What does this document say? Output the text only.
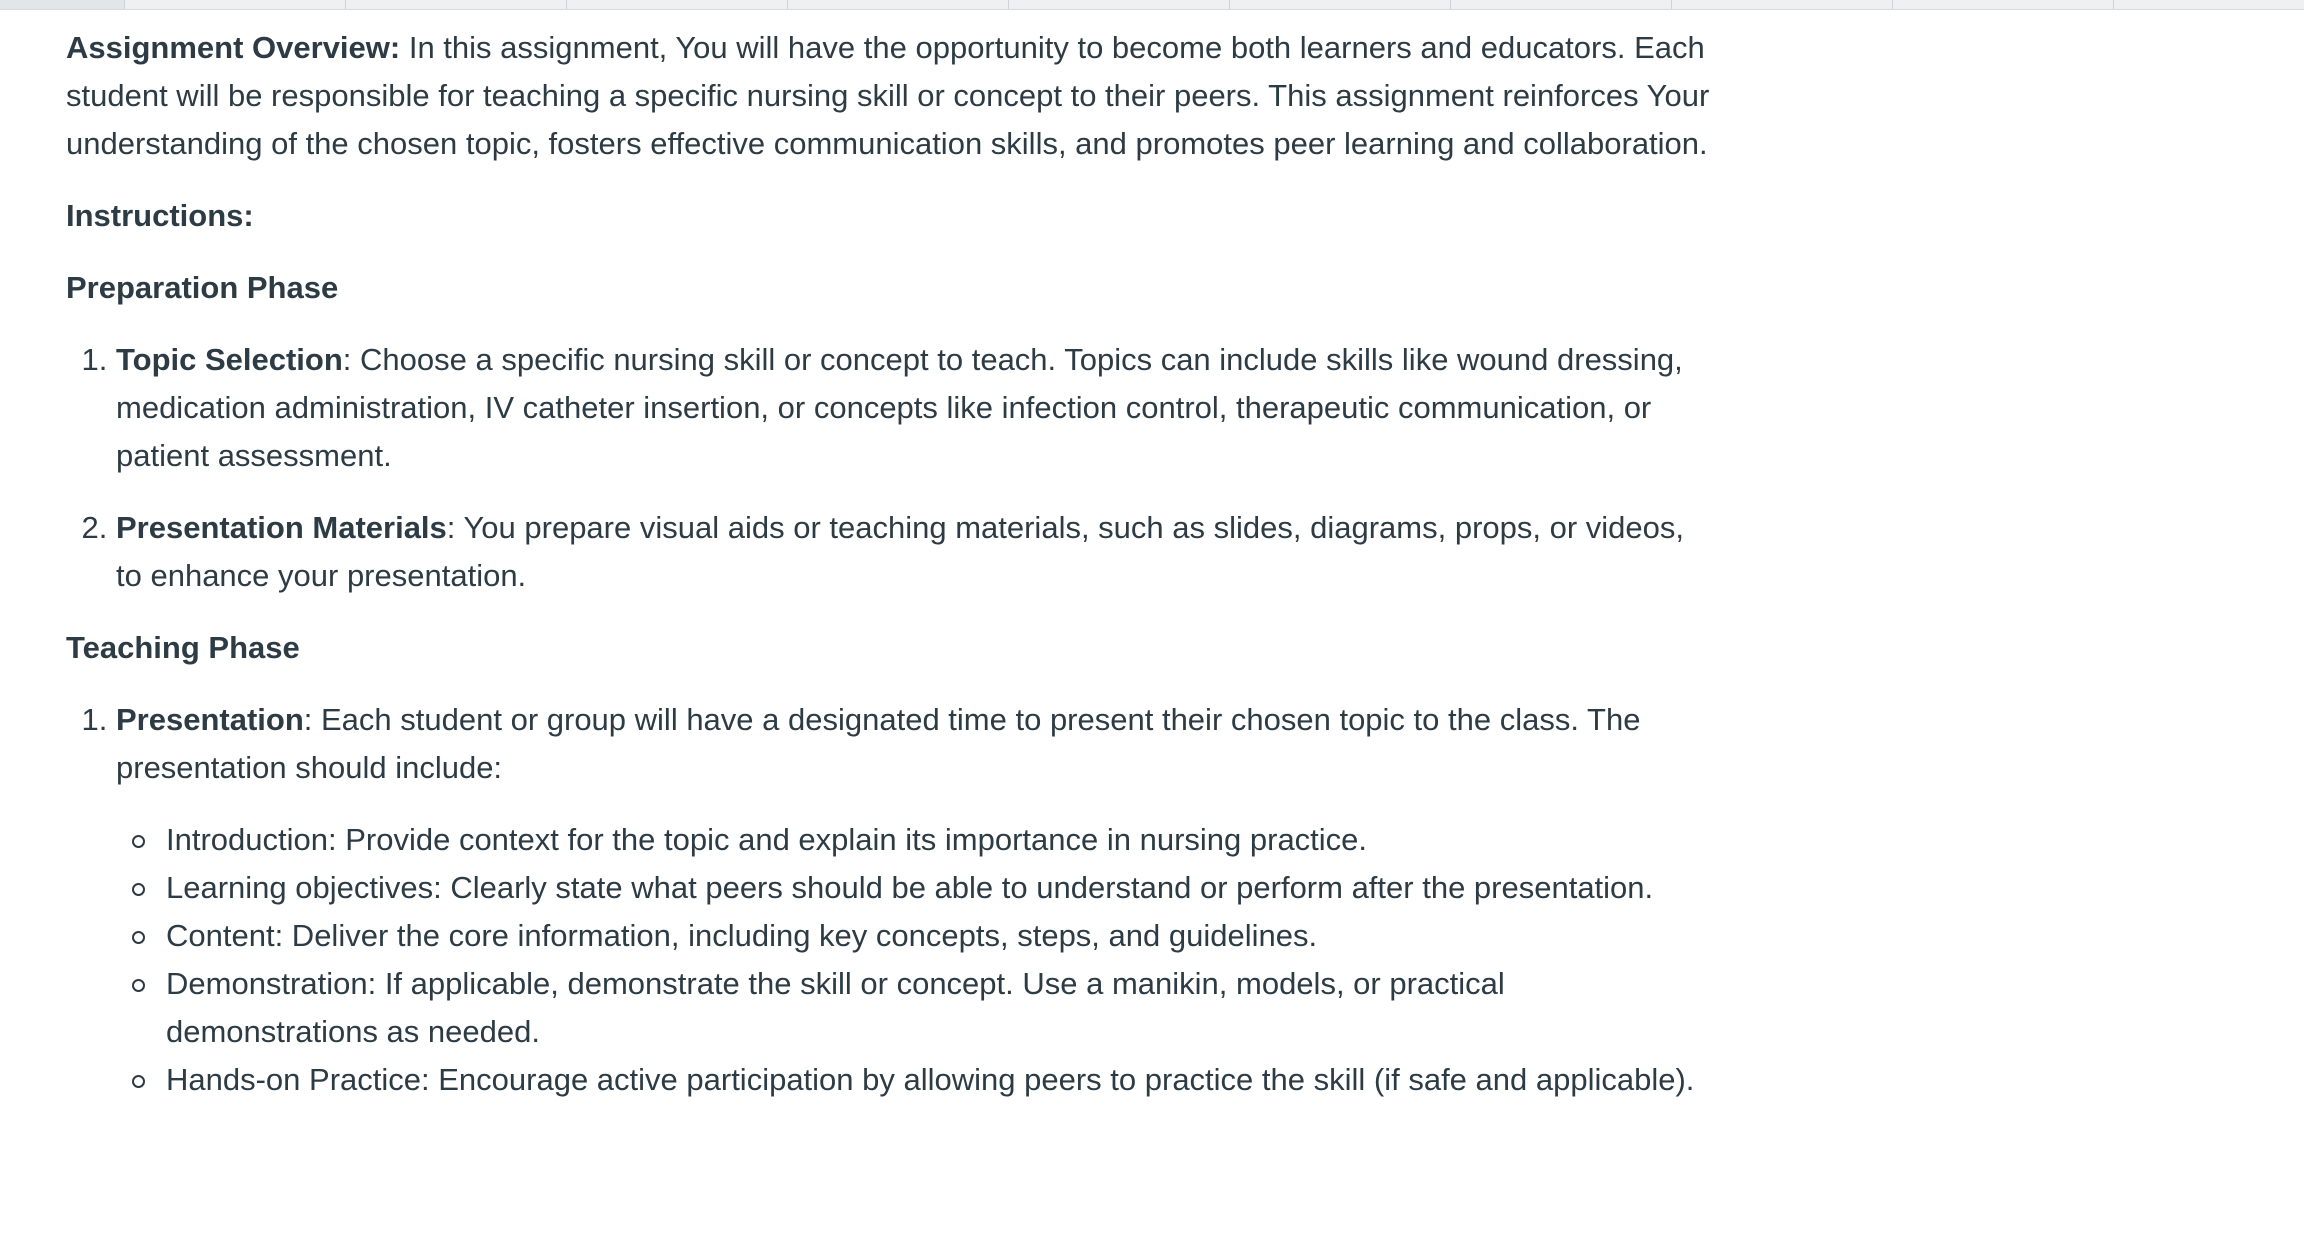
Assignment Overview: In this assignment, You will have the opportunity to become both learners and educators. Each student will be responsible for teaching a specific nursing skill or concept to their peers. This assignment reinforces Your understanding of the chosen topic, fosters effective communication skills, and promotes peer learning and collaboration.

Instructions:
Preparation Phase
1. Topic Selection: Choose a specific nursing skill or concept to teach. Topics can include skills like wound dressing, medication administration, IV catheter insertion, or concepts like infection control, therapeutic communication, or patient assessment.
2. Presentation Materials: You prepare visual aids or teaching materials, such as slides, diagrams, props, or videos, to enhance your presentation.
Teaching Phase
1. Presentation: Each student or group will have a designated time to present their chosen topic to the class. The presentation should include:
Introduction: Provide context for the topic and explain its importance in nursing practice.
Learning objectives: Clearly state what peers should be able to understand or perform after the presentation.
Content: Deliver the core information, including key concepts, steps, and guidelines.
Demonstration: If applicable, demonstrate the skill or concept. Use a manikin, models, or practical demonstrations as needed.
Hands-on Practice: Encourage active participation by allowing peers to practice the skill (if safe and applicable).
